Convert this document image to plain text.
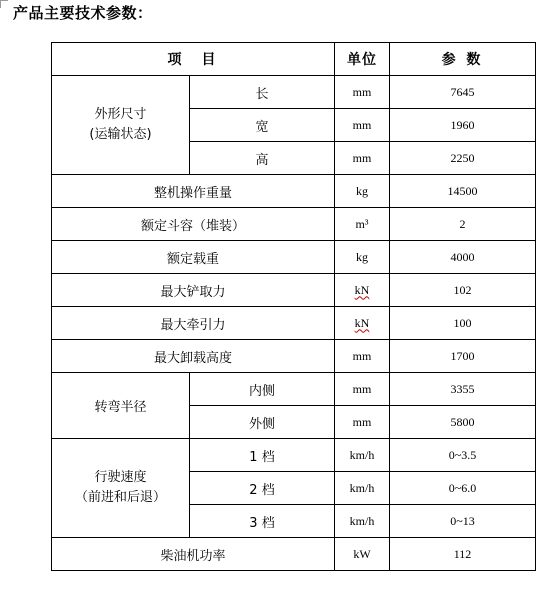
产品主要技术参数：
项　目		单位	参 数

外形尺寸
(运输状态)	长	mm	7645
	宽	mm	1960
	高	mm	2250
整机操作重量		kg	14500
额定斗容（堆装）		m³	2
额定载重		kg	4000
最大铲取力		kN	102
最大牵引力		kN	100
最大卸载高度		mm	1700
转弯半径	内侧	mm	3355
	外侧	mm	5800

行驶速度
（前进和后退）	1 档	km/h	0~3.5
	2 档	km/h	0~6.0
	3 档	km/h	0~13
柴油机功率		kW	112
